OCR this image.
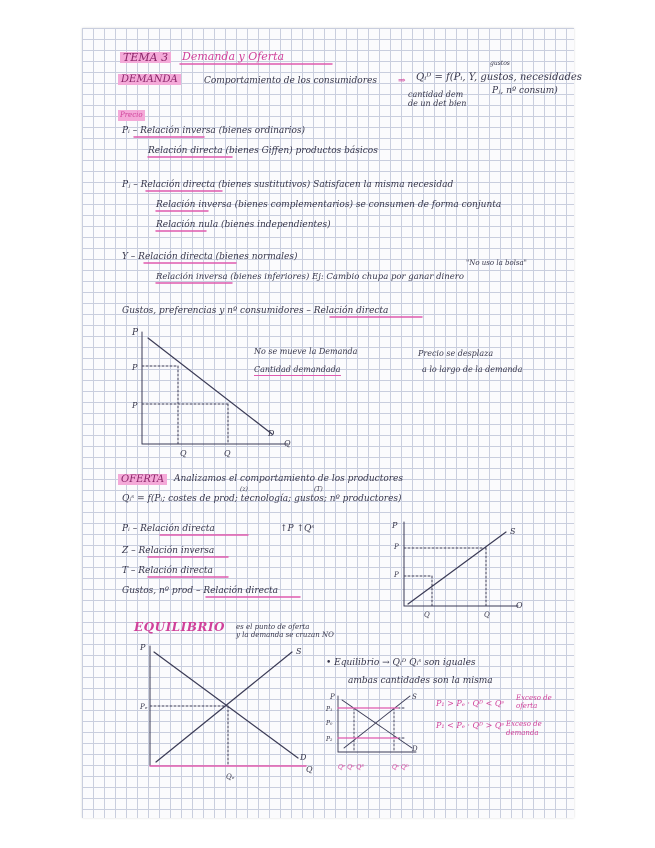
TEMA 3 Demanda y Oferta
DEMANDA	Comportamiento de los consumidores ⇒ Qᵢᴰ = f(Pᵢ, Y, gustos, necesidades
gustos
Pⱼ, nº consum)
cantidad dem de un det bien
Precio
Pᵢ – Relación inversa (bienes ordinarios)
Relación directa (bienes Giffen) productos básicos
Pⱼ – Relación directa (bienes sustitutivos) Satisfacen la misma necesidad
Relación inversa (bienes complementarios) se consumen de forma conjunta
Relación nula (bienes independientes)
Y – Relación directa (bienes normales)
"No uso la bolsa"
Relación inversa (bienes inferiores) Ej: Cambio chupa por ganar dinero
Gustos, preferencias y nº consumidores – Relación directa
P
P
P
Q	Q
D
Q
No se mueve la Demanda
Cantidad demandada
Precio se desplaza
a lo largo de la demanda
OFERTA	Analizamos el comportamiento de los productores
Qᵢˢ = f(Pᵢ; costes de prod; tecnología; gustos; nº productores)
(z)	(T)
Pᵢ – Relación directa	↑P ↑Qˢ
Z – Relación inversa
T – Relación directa
Gustos, nº prod – Relación directa
P
P
P
Q	Q
S
O
EQUILIBRIO es el punto de oferta
y la demanda se cruzan NO
• Equilibrio → Qᵢᴰ Qᵢˢ son iguales
ambas cantidades son la misma
P₁ > Pₑ · Qᴰ < Qˢ
Exceso de oferta
P₁ < Pₑ · Qᴰ > Qˢ Exceso de demanda
P
Pₑ
Qₑ
S
D
Q
P
P₁
P₀
P₂
S
D
Qᵉ Qᵒ Qᴱ	Qˢ Qᴰ
